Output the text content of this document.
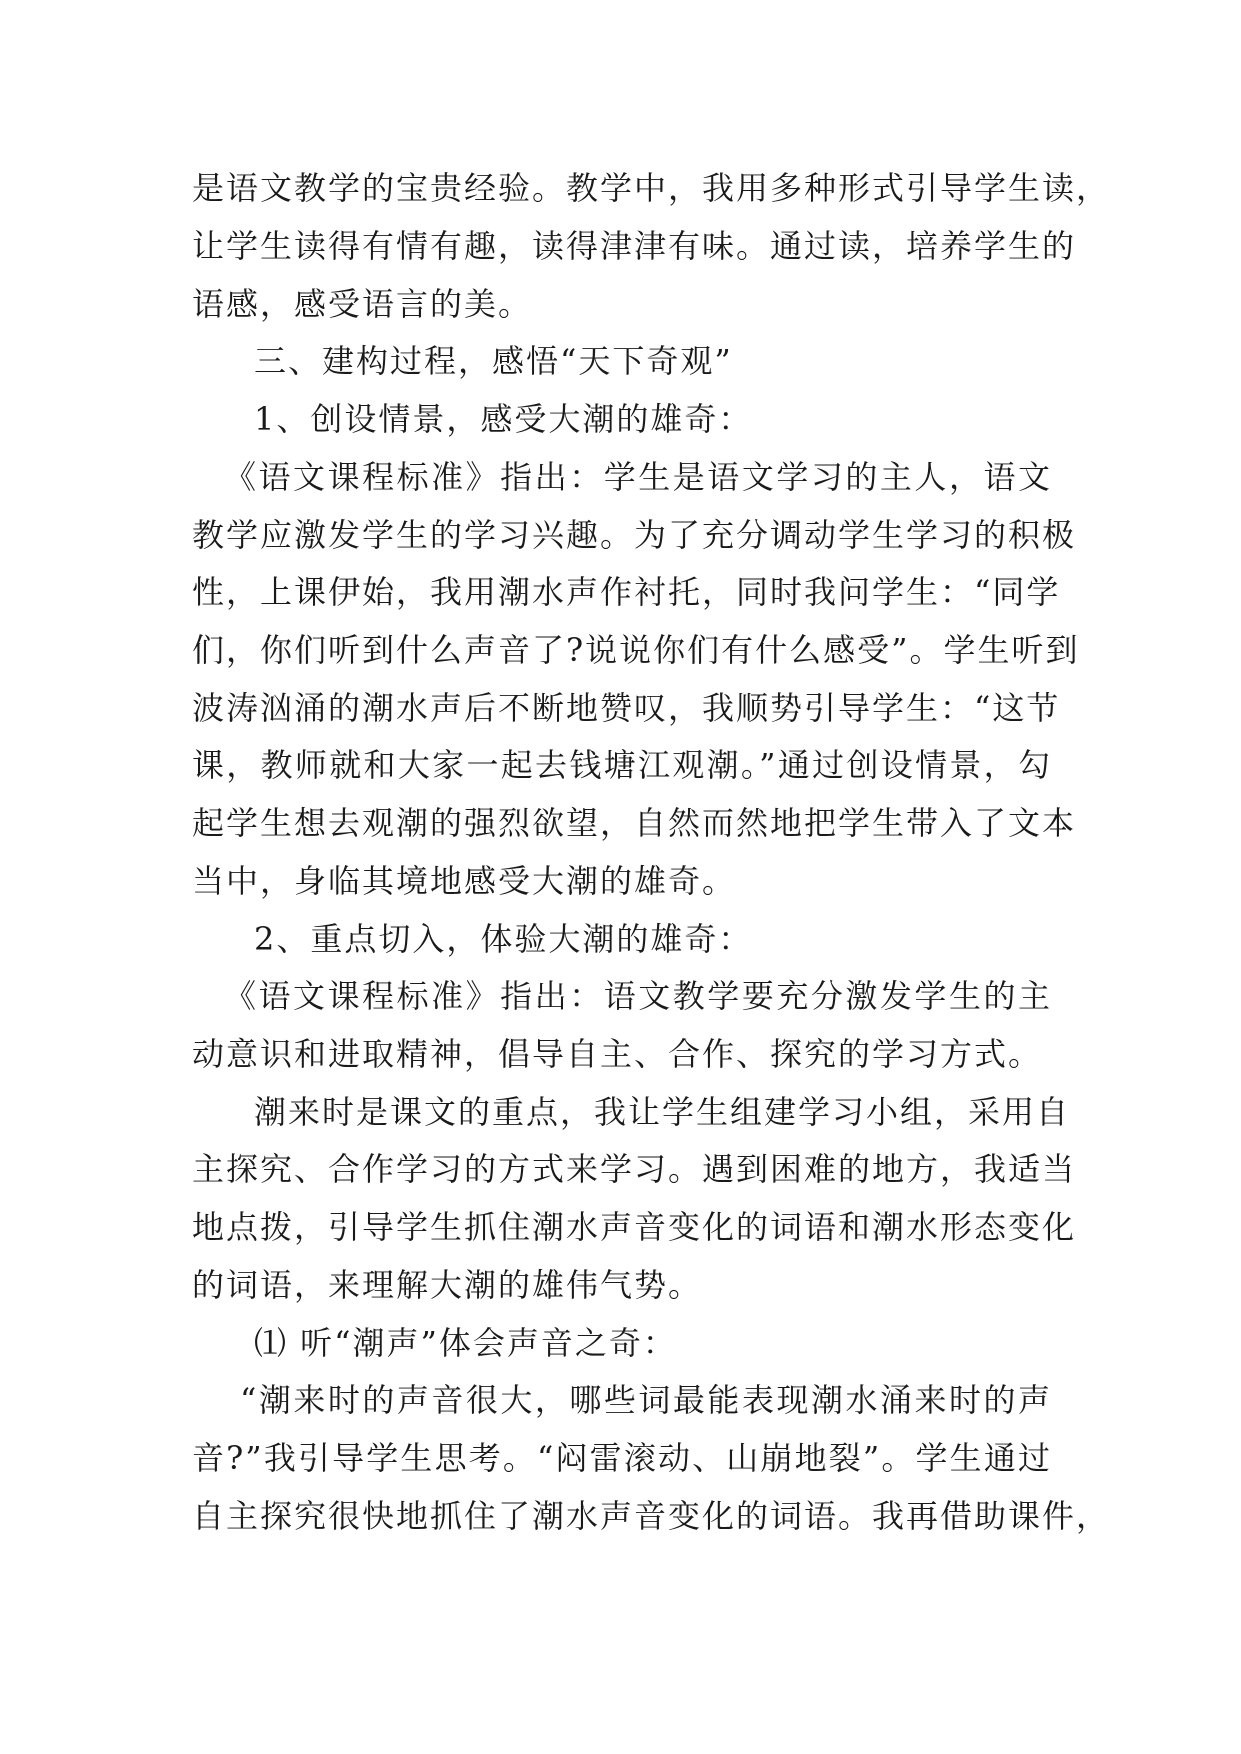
是语文教学的宝贵经验。教学中，我用多种形式引导学生读，
让学生读得有情有趣，读得津津有味。通过读，培养学生的
语感，感受语言的美。
三、建构过程，感悟“天下奇观”
1、创设情景，感受大潮的雄奇：
《语文课程标准》指出：学生是语文学习的主人，语文
教学应激发学生的学习兴趣。为了充分调动学生学习的积极
性，上课伊始，我用潮水声作衬托，同时我问学生：“同学
们，你们听到什么声音了?说说你们有什么感受”。学生听到
波涛汹涌的潮水声后不断地赞叹，我顺势引导学生：“这节
课，教师就和大家一起去钱塘江观潮。”通过创设情景，勾
起学生想去观潮的强烈欲望，自然而然地把学生带入了文本
当中，身临其境地感受大潮的雄奇。
2、重点切入，体验大潮的雄奇：
《语文课程标准》指出：语文教学要充分激发学生的主
动意识和进取精神，倡导自主、合作、探究的学习方式。
潮来时是课文的重点，我让学生组建学习小组，采用自
主探究、合作学习的方式来学习。遇到困难的地方，我适当
地点拨，引导学生抓住潮水声音变化的词语和潮水形态变化
的词语，来理解大潮的雄伟气势。
⑴ 听“潮声”体会声音之奇：
“潮来时的声音很大，哪些词最能表现潮水涌来时的声
音?”我引导学生思考。“闷雷滚动、山崩地裂”。学生通过
自主探究很快地抓住了潮水声音变化的词语。我再借助课件，
